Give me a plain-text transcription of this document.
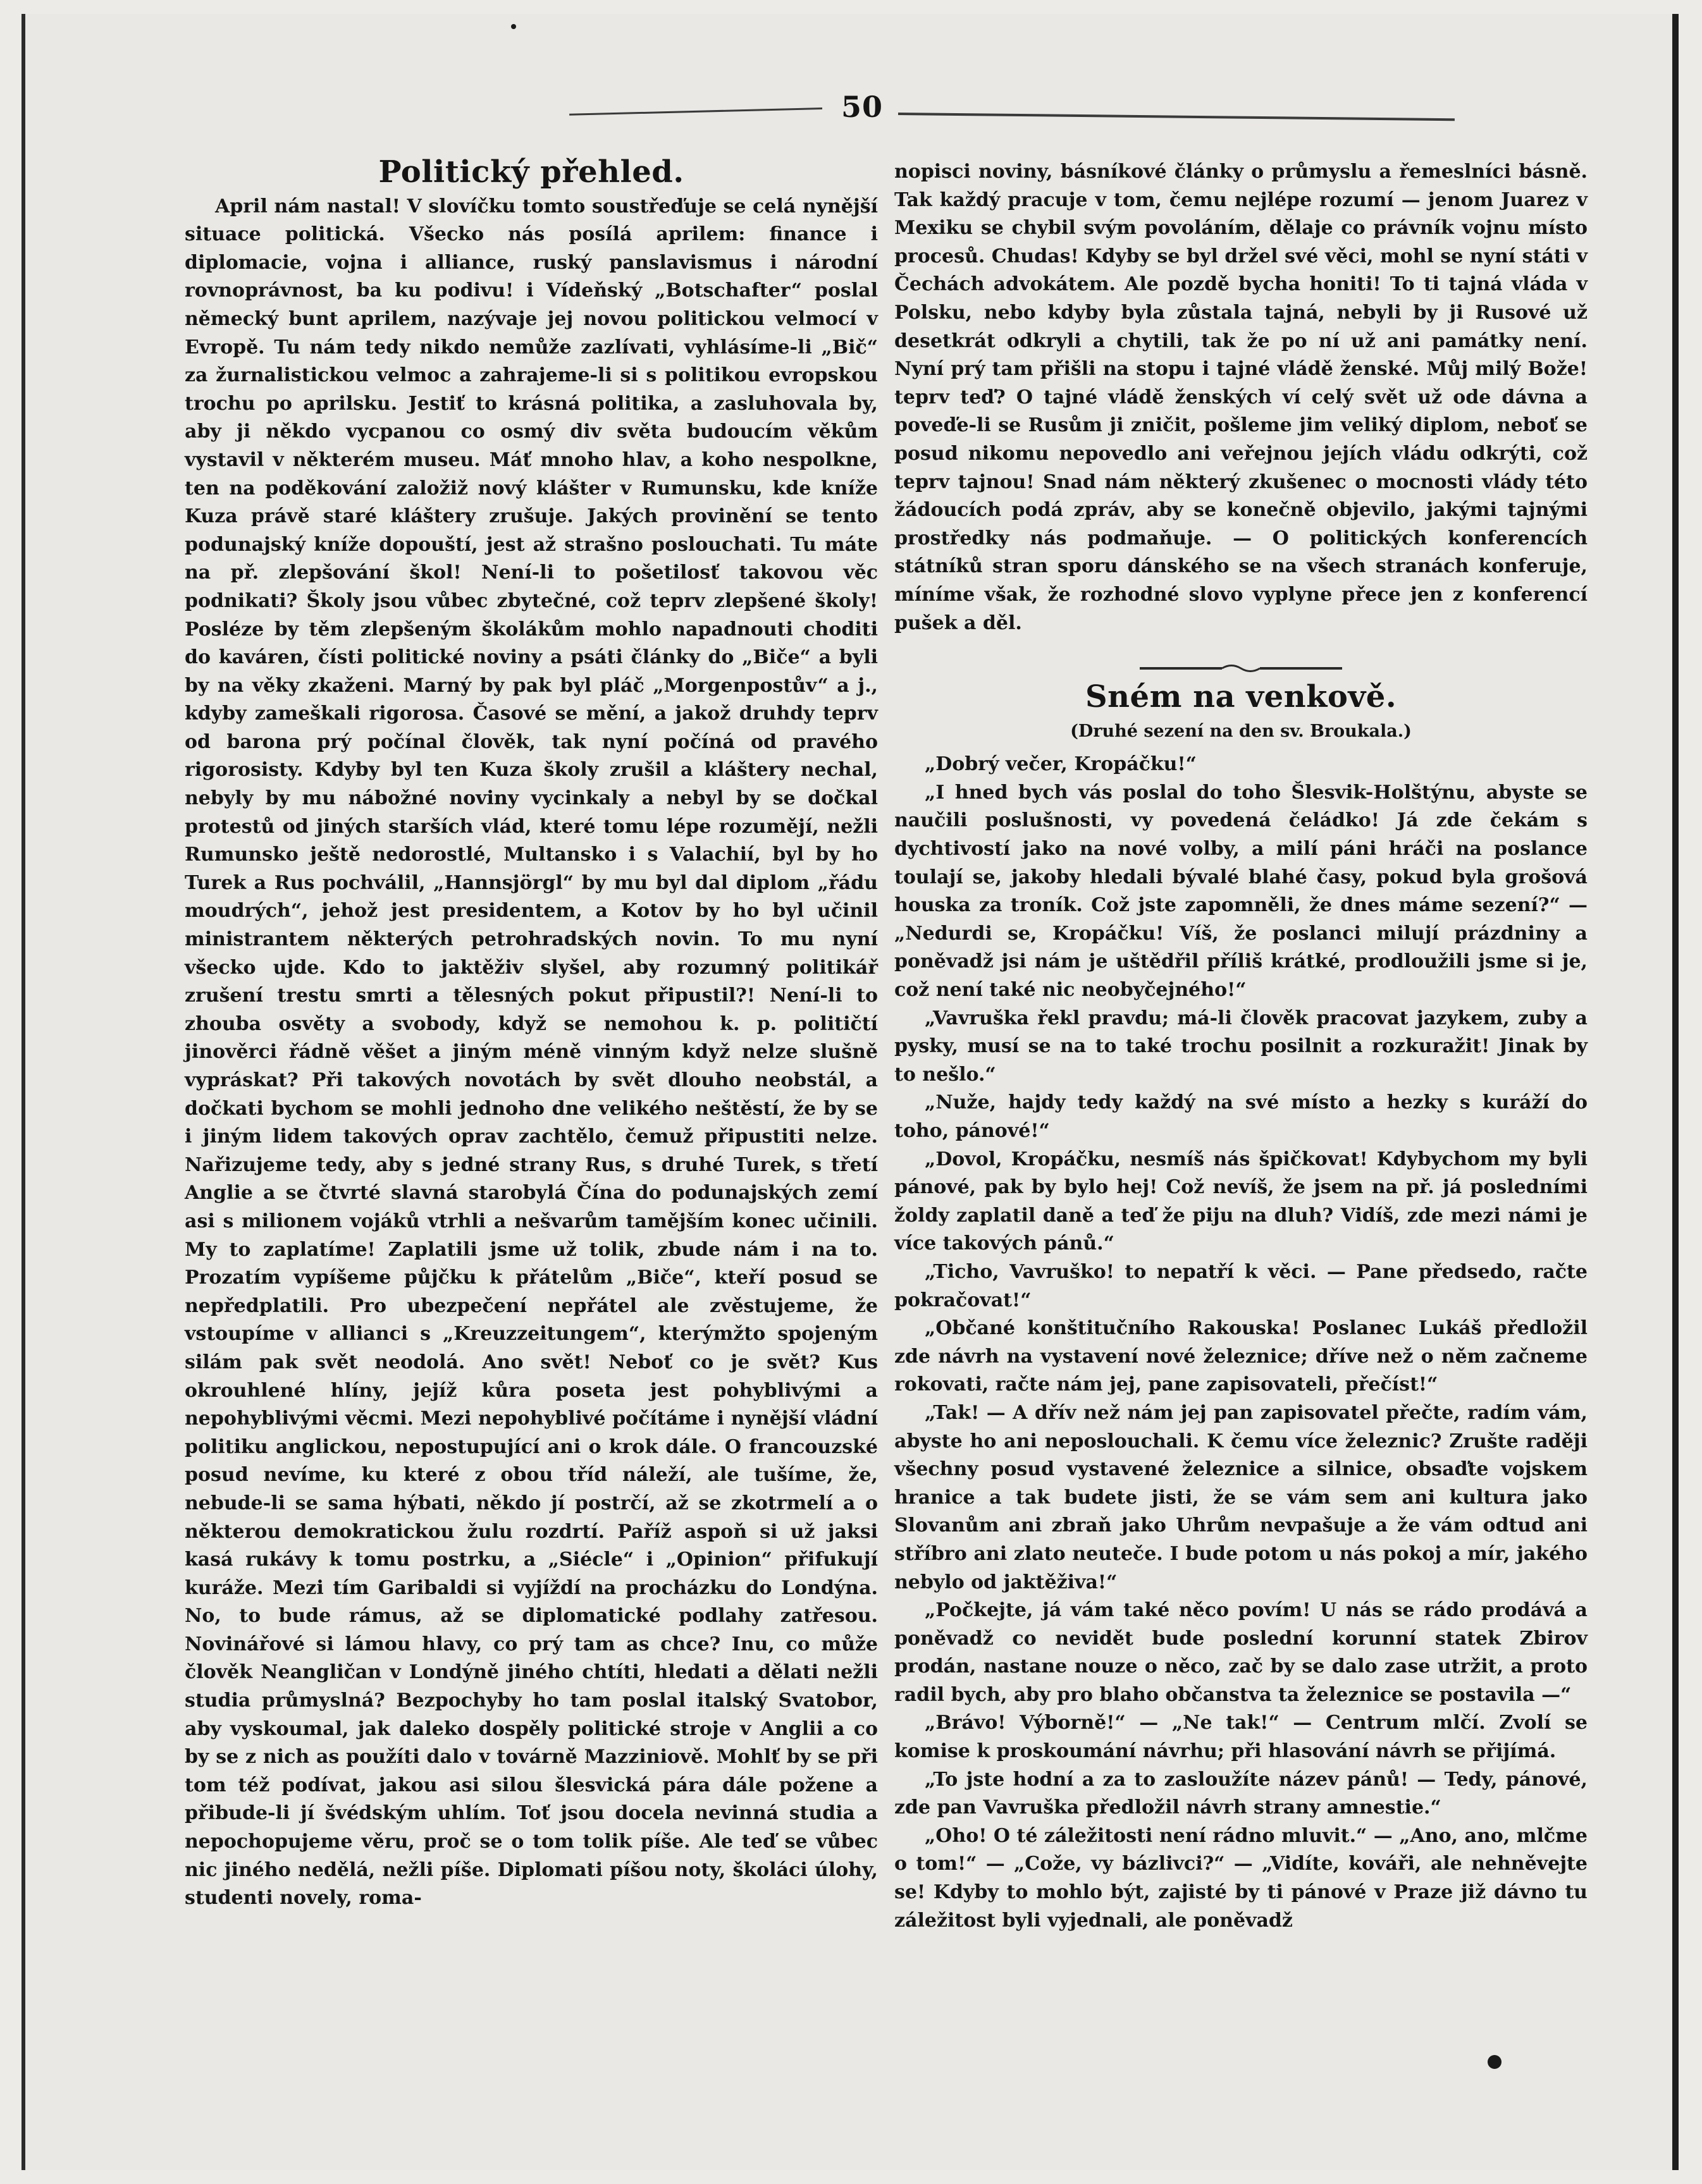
50
Politický přehled.

April nám nastal! V slovíčku tomto soustřeďuje se celá nynější situace politická. Všecko nás posílá aprilem: finance i diplomacie, vojna i alliance, ruský panslavismus i národní rovnoprávnost, ba ku podivu! i Vídeňský „Botschafter“ poslal německý bunt aprilem, nazývaje jej novou politickou velmocí v Evropě. Tu nám tedy nikdo nemůže zazlívati, vyhlásíme-li „Bič“ za žurnalistickou velmoc a zahrajeme-li si s politikou evropskou trochu po aprilsku. Jestiť to krásná politika, a zasluhovala by, aby ji někdo vycpanou co osmý div světa budoucím věkům vystavil v některém museu. Máť mnoho hlav, a koho nespolkne, ten na poděkování založiž nový klášter v Rumunsku, kde kníže Kuza právě staré kláštery zrušuje. Jakých provinění se tento podunajský kníže dopouští, jest až strašno poslouchati. Tu máte na př. zlepšování škol! Není-li to pošetilosť takovou věc podnikati? Školy jsou vůbec zbytečné, což teprv zlepšené školy! Posléze by těm zlepšeným školákům mohlo napadnouti choditi do kaváren, čísti politické noviny a psáti články do „Biče“ a byli by na věky zkaženi. Marný by pak byl pláč „Morgenpostův“ a j., kdyby zameškali rigorosa. Časové se mění, a jakož druhdy teprv od barona prý počínal člověk, tak nyní počíná od pravého rigorosisty. Kdyby byl ten Kuza školy zrušil a kláštery nechal, nebyly by mu nábožné noviny vycinkaly a nebyl by se dočkal protestů od jiných starších vlád, které tomu lépe rozumějí, nežli Rumunsko ještě nedorostlé, Multansko i s Valachií, byl by ho Turek a Rus pochválil, „Hannsjörgl“ by mu byl dal diplom „řádu moudrých“, jehož jest presidentem, a Kotov by ho byl učinil ministrantem některých petrohradských novin. To mu nyní všecko ujde. Kdo to jaktěživ slyšel, aby rozumný politikář zrušení trestu smrti a tělesných pokut připustil?! Není-li to zhouba osvěty a svobody, když se nemohou k. p. političtí jinověrci řádně věšet a jiným méně vinným když nelze slušně vypráskat? Při takových novotách by svět dlouho neobstál, a dočkati bychom se mohli jednoho dne velikého neštěstí, že by se i jiným lidem takových oprav zachtělo, čemuž připustiti nelze. Nařizujeme tedy, aby s jedné strany Rus, s druhé Turek, s třetí Anglie a se čtvrté slavná starobylá Čína do podunajských zemí asi s milionem vojáků vtrhli a nešvarům tamějším konec učinili. My to zaplatíme! Zaplatili jsme už tolik, zbude nám i na to. Prozatím vypíšeme půjčku k přátelům „Biče“, kteří posud se nepředplatili. Pro ubezpečení nepřátel ale zvěstujeme, že vstoupíme v allianci s „Kreuzzeitungem“, kterýmžto spojeným silám pak svět neodolá. Ano svět! Neboť co je svět? Kus okrouhlené hlíny, jejíž kůra poseta jest pohyblivými a nepohyblivými věcmi. Mezi nepohyblivé počítáme i nynější vládní politiku anglickou, nepostupující ani o krok dále. O francouzské posud nevíme, ku které z obou tříd náleží, ale tušíme, že, nebude-li se sama hýbati, někdo jí postrčí, až se zkotrmelí a o některou demokratickou žulu rozdrtí. Paříž aspoň si už jaksi kasá rukávy k tomu postrku, a „Siécle“ i „Opinion“ přifukují kuráže. Mezi tím Garibaldi si vyjíždí na procházku do Londýna. No, to bude rámus, až se diplomatické podlahy zatřesou. Novinářové si lámou hlavy, co prý tam as chce? Inu, co může člověk Neangličan v Londýně jiného chtíti, hledati a dělati nežli studia průmyslná? Bezpochyby ho tam poslal italský Svatobor, aby vyskoumal, jak daleko dospěly politické stroje v Anglii a co by se z nich as použíti dalo v továrně Mazziniově. Mohlť by se při tom též podívat, jakou asi silou šlesvická pára dále požene a přibude-li jí švédským uhlím. Toť jsou docela nevinná studia a nepochopujeme věru, proč se o tom tolik píše. Ale teď se vůbec nic jiného nedělá, nežli píše. Diplomati píšou noty, školáci úlohy, studenti novely, roma-

nopisci noviny, básníkové články o průmyslu a řemeslníci básně. Tak každý pracuje v tom, čemu nejlépe rozumí — jenom Juarez v Mexiku se chybil svým povoláním, dělaje co právník vojnu místo procesů. Chudas! Kdyby se byl držel své věci, mohl se nyní státi v Čechách advokátem. Ale pozdě bycha honiti! To ti tajná vláda v Polsku, nebo kdyby byla zůstala tajná, nebyli by ji Rusové už desetkrát odkryli a chytili, tak že po ní už ani památky není. Nyní prý tam přišli na stopu i tajné vládě ženské. Můj milý Bože! teprv teď? O tajné vládě ženských ví celý svět už ode dávna a poveďe-li se Rusům ji zničit, pošleme jim veliký diplom, neboť se posud nikomu nepovedlo ani veřejnou jejích vládu odkrýti, což teprv tajnou! Snad nám některý zkušenec o mocnosti vlády této žádoucích podá zpráv, aby se konečně objevilo, jakými tajnými prostředky nás podmaňuje. — O politických konferencích státníků stran sporu dánského se na všech stranách konferuje, míníme však, že rozhodné slovo vyplyne přece jen z konferencí pušek a děl.

Sném na venkově.
(Druhé sezení na den sv. Broukala.)

„Dobrý večer, Kropáčku!“

„I hned bych vás poslal do toho Šlesvik-Holštýnu, abyste se naučili poslušnosti, vy povedená čeládko! Já zde čekám s dychtivostí jako na nové volby, a milí páni hráči na poslance toulají se, jakoby hledali bývalé blahé časy, pokud byla grošová houska za troník. Což jste zapomněli, že dnes máme sezení?“ — „Nedurdi se, Kropáčku! Víš, že poslanci milují prázdniny a poněvadž jsi nám je uštědřil příliš krátké, prodloužili jsme si je, což není také nic neobyčejného!“

„Vavruška řekl pravdu; má-li člověk pracovat jazykem, zuby a pysky, musí se na to také trochu posilnit a rozkuražit! Jinak by to nešlo.“

„Nuže, hajdy tedy každý na své místo a hezky s kuráží do toho, pánové!“

„Dovol, Kropáčku, nesmíš nás špičkovat! Kdybychom my byli pánové, pak by bylo hej! Což nevíš, že jsem na př. já posledními žoldy zaplatil daně a teď že piju na dluh? Vidíš, zde mezi námi je více takových pánů.“

„Ticho, Vavruško! to nepatří k věci. — Pane předsedo, račte pokračovat!“

„Občané konštitučního Rakouska! Poslanec Lukáš předložil zde návrh na vystavení nové železnice; dříve než o něm začneme rokovati, račte nám jej, pane zapisovateli, přečíst!“

„Tak! — A dřív než nám jej pan zapisovatel přečte, radím vám, abyste ho ani neposlouchali. K čemu více železnic? Zrušte raději všechny posud vystavené železnice a silnice, obsaďte vojskem hranice a tak budete jisti, že se vám sem ani kultura jako Slovanům ani zbraň jako Uhrům nevpašuje a že vám odtud ani stříbro ani zlato neuteče. I bude potom u nás pokoj a mír, jakého nebylo od jaktěživa!“

„Počkejte, já vám také něco povím! U nás se rádo prodává a poněvadž co nevidět bude poslední korunní statek Zbirov prodán, nastane nouze o něco, zač by se dalo zase utržit, a proto radil bych, aby pro blaho občanstva ta železnice se postavila —“

„Brávo! Výborně!“ — „Ne tak!“ — Centrum mlčí. Zvolí se komise k proskoumání návrhu; při hlasování návrh se přijímá.

„To jste hodní a za to zasloužíte název pánů! — Tedy, pánové, zde pan Vavruška předložil návrh strany amnestie.“

„Oho! O té záležitosti není rádno mluvit.“ — „Ano, ano, mlčme o tom!“ — „Cože, vy bázlivci?“ — „Vidíte, kováři, ale nehněvejte se! Kdyby to mohlo být, zajisté by ti pánové v Praze již dávno tu záležitost byli vyjednali, ale poněvadž
